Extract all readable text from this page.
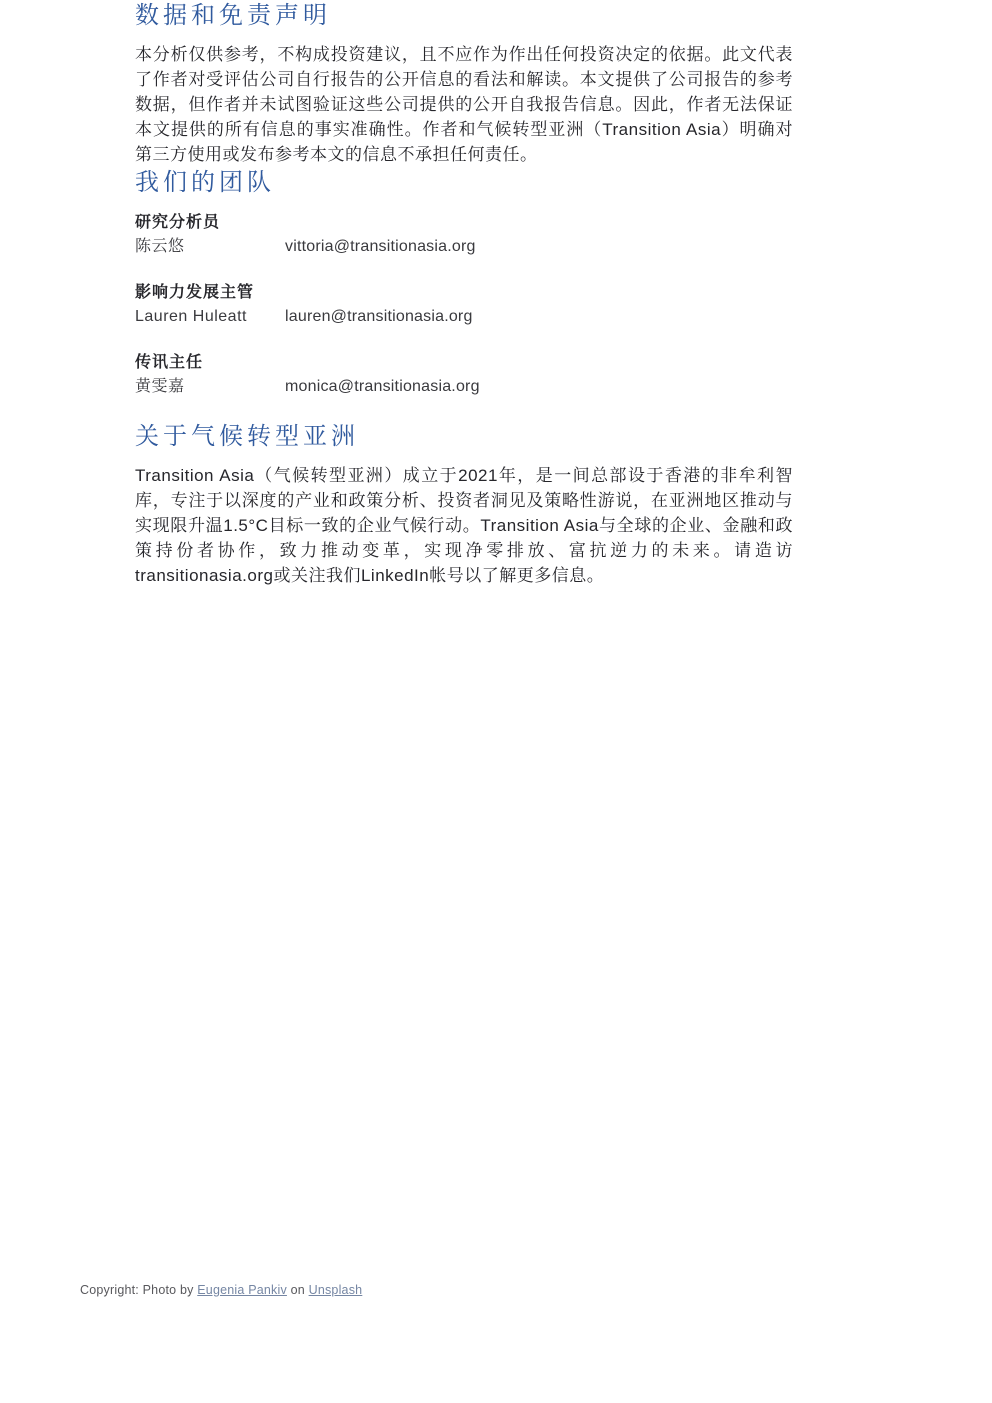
数据和免责声明

本分析仅供参考，不构成投资建议，且不应作为作出任何投资决定的依据。此文代表了作者对受评估公司自行报告的公开信息的看法和解读。本文提供了公司报告的参考数据，但作者并未试图验证这些公司提供的公开自我报告信息。因此，作者无法保证本文提供的所有信息的事实准确性。作者和气候转型亚洲（Transition Asia）明确对第三方使用或发布参考本文的信息不承担任何责任。

我们的团队
研究分析员
陈云悠	vittoria@transitionasia.org
影响力发展主管
Lauren Huleatt	lauren@transitionasia.org
传讯主任
黄雯嘉	monica@transitionasia.org
关于气候转型亚洲

Transition Asia（气候转型亚洲）成立于2021年，是一间总部设于香港的非牟利智库，专注于以深度的产业和政策分析、投资者洞见及策略性游说，在亚洲地区推动与实现限升温1.5°C目标一致的企业气候行动。Transition Asia与全球的企业、金融和政策持份者协作，致力推动变革，实现净零排放、富抗逆力的未来。请造访transitionasia.org或关注我们LinkedIn帐号以了解更多信息。

Copyright: Photo by Eugenia Pankiv on Unsplash
